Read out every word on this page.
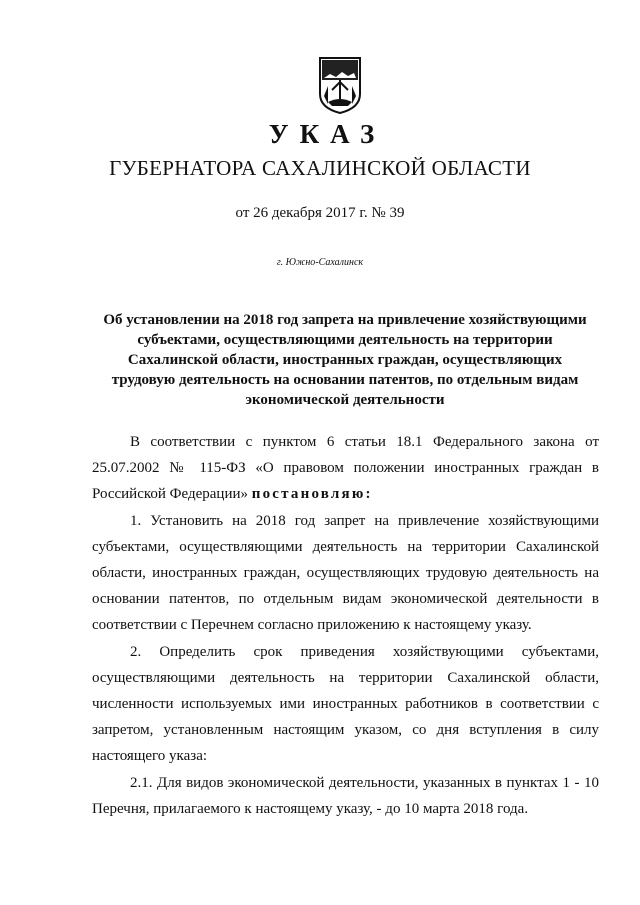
УКАЗ
ГУБЕРНАТОРА САХАЛИНСКОЙ ОБЛАСТИ
от 26 декабря 2017 г. № 39
г. Южно-Сахалинск
Об установлении на 2018 год запрета на привлечение хозяйствующими субъектами, осуществляющими деятельность на территории Сахалинской области, иностранных граждан, осуществляющих трудовую деятельность на основании патентов, по отдельным видам экономической деятельности

В соответствии с пунктом 6 статьи 18.1 Федерального закона от 25.07.2002 № 115-ФЗ «О правовом положении иностранных граждан в Российской Федерации» постановляю:

1. Установить на 2018 год запрет на привлечение хозяйствующими субъектами, осуществляющими деятельность на территории Сахалинской области, иностранных граждан, осуществляющих трудовую деятельность на основании патентов, по отдельным видам экономической деятельности в соответствии с Перечнем согласно приложению к настоящему указу.

2. Определить срок приведения хозяйствующими субъектами, осуществляющими деятельность на территории Сахалинской области, численности используемых ими иностранных работников в соответствии с запретом, установленным настоящим указом, со дня вступления в силу настоящего указа:

2.1. Для видов экономической деятельности, указанных в пунктах 1 - 10 Перечня, прилагаемого к настоящему указу, - до 10 марта 2018 года.
